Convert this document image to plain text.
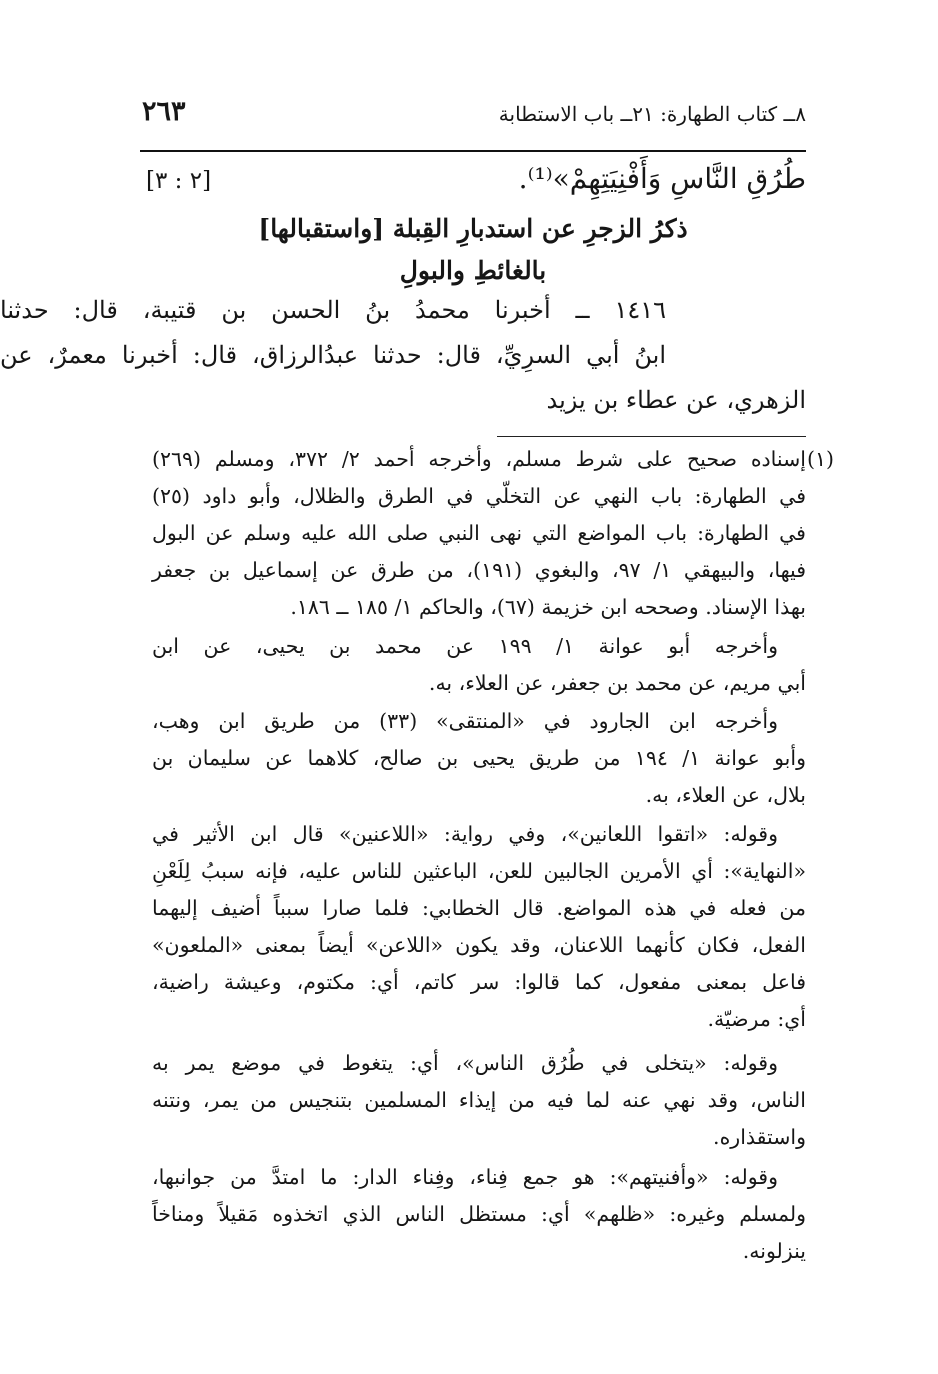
٨ــ كتاب الطهارة: ٢١ــ باب الاستطابة
٢٦٣
طُرُقِ النَّاسِ وَأَفْنِيَتِهِمْ»⁽¹⁾.
[٢ : ٣]
ذكرُ الزجرِ عن استدبارِ القِبلة [واستقبالها]
بالغائطِ والبولِ
١٤١٦ ــ أخبرنا محمدُ بنُ الحسن بن قتيبة، قال: حدثنا
ابنُ أبي السرِيِّ، قال: حدثنا عبدُالرزاق، قال: أخبرنا معمرٌ، عن
الزهري، عن عطاء بن يزيد
(١)
إسناده صحيح على شرط مسلم، وأخرجه أحمد ٢/ ٣٧٢، ومسلم (٢٦٩)
في الطهارة: باب النهي عن التخلّي في الطرق والظلال، وأبو داود (٢٥)
في الطهارة: باب المواضع التي نهى النبي صلى الله عليه وسلم عن البول
فيها، والبيهقي ١/ ٩٧، والبغوي (١٩١)، من طرق عن إسماعيل بن جعفر
بهذا الإسناد. وصححه ابن خزيمة (٦٧)، والحاكم ١/ ١٨٥ ــ ١٨٦.
وأخرجه أبو عوانة ١/ ١٩٩ عن محمد بن يحيى، عن ابن
أبي مريم، عن محمد بن جعفر، عن العلاء، به.
وأخرجه ابن الجارود في «المنتقى» (٣٣) من طريق ابن وهب،
وأبو عوانة ١/ ١٩٤ من طريق يحيى بن صالح، كلاهما عن سليمان بن
بلال، عن العلاء، به.
وقوله: «اتقوا اللعانين»، وفي رواية: «اللاعنين» قال ابن الأثير في
«النهاية»: أي الأمرين الجالبين للعن، الباعثين للناس عليه، فإنه سببُ لِلَعْنِ
من فعله في هذه المواضع. قال الخطابي: فلما صارا سبباً أضيف إليهما
الفعل، فكان كأنهما اللاعنان، وقد يكون «اللاعن» أيضاً بمعنى «الملعون»
فاعل بمعنى مفعول، كما قالوا: سر كاتم، أي: مكتوم، وعيشة راضية،
أي: مرضيّة.
وقوله: «يتخلى في طُرُق الناس»، أي: يتغوط في موضع يمر به
الناس، وقد نهي عنه لما فيه من إيذاء المسلمين بتنجيس من يمر، ونتنه
واستقذاره.
وقوله: «وأفنيتهم»: هو جمع فِناء، وفِناء الدار: ما امتدَّ من جوانبها،
ولمسلم وغيره: «ظلهم» أي: مستظل الناس الذي اتخذوه مَقيلاً ومناخاً
ينزلونه.
